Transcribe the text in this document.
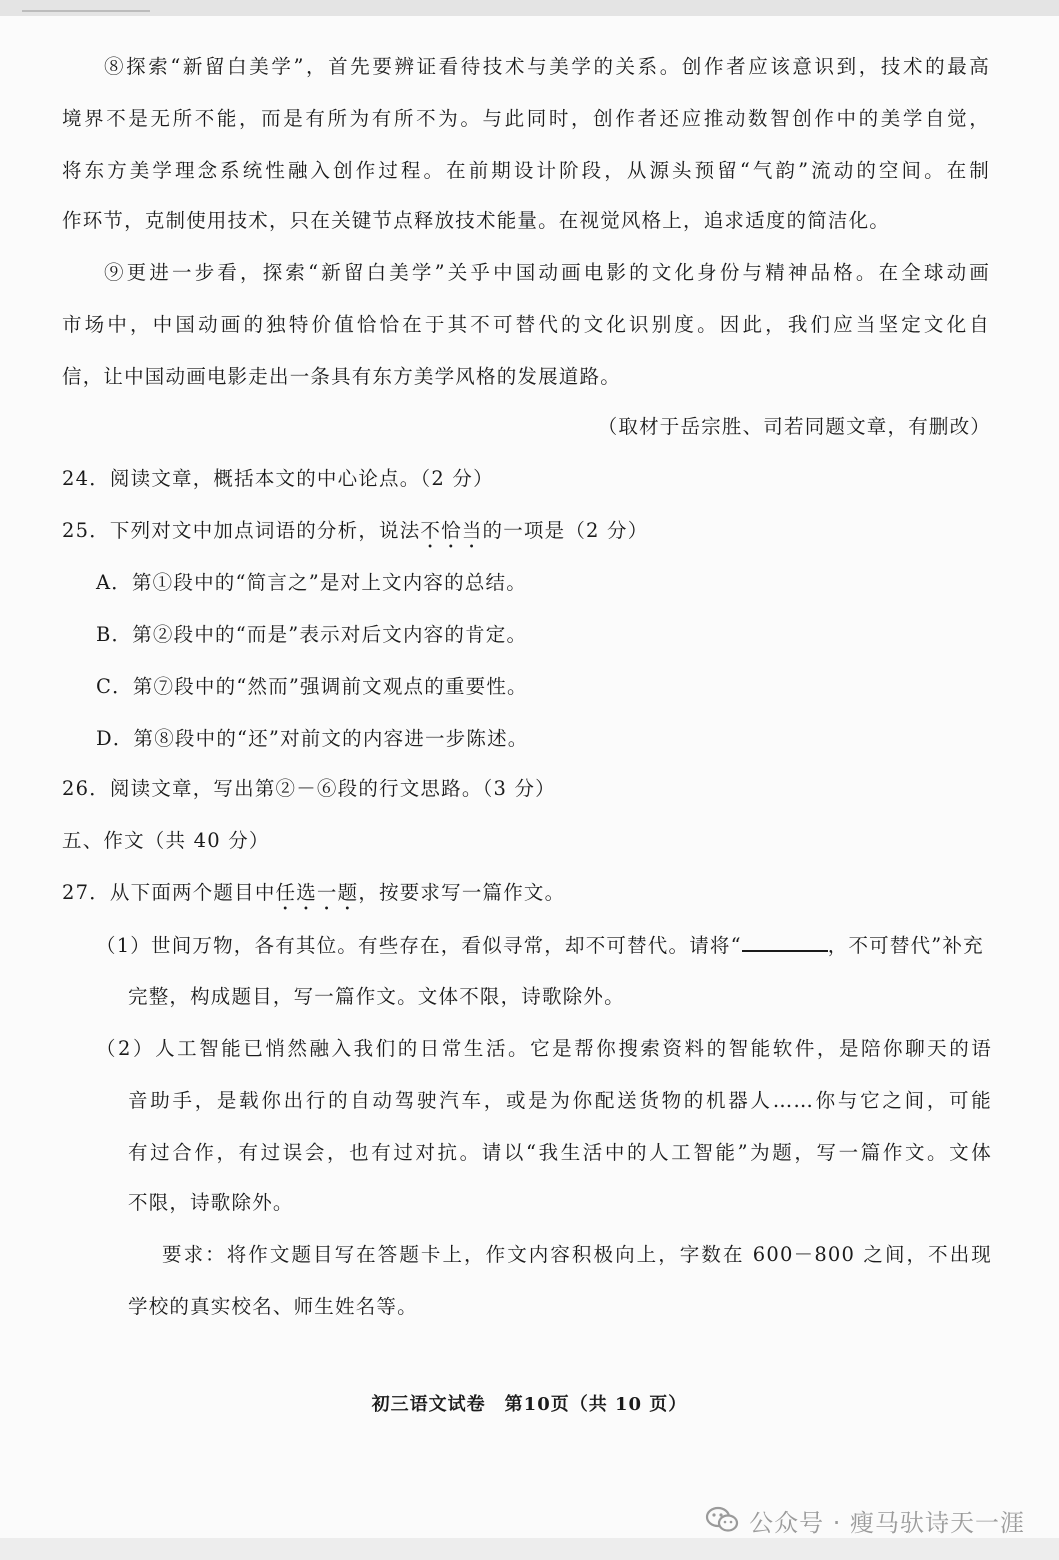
⑧探索“新留白美学”，首先要辨证看待技术与美学的关系。创作者应该意识到，技术的最高
境界不是无所不能，而是有所为有所不为。与此同时，创作者还应推动数智创作中的美学自觉，
将东方美学理念系统性融入创作过程。在前期设计阶段，从源头预留“气韵”流动的空间。在制
作环节，克制使用技术，只在关键节点释放技术能量。在视觉风格上，追求适度的简洁化。
⑨更进一步看，探索“新留白美学”关乎中国动画电影的文化身份与精神品格。在全球动画
市场中，中国动画的独特价值恰恰在于其不可替代的文化识别度。因此，我们应当坚定文化自
信，让中国动画电影走出一条具有东方美学风格的发展道路。
（取材于岳宗胜、司若同题文章，有删改）
24．阅读文章，概括本文的中心论点。（2 分）
25．下列对文中加点词语的分析，说法不恰当的一项是（2 分）
A．第①段中的“简言之”是对上文内容的总结。
B．第②段中的“而是”表示对后文内容的肯定。
C．第⑦段中的“然而”强调前文观点的重要性。
D．第⑧段中的“还”对前文的内容进一步陈述。
26．阅读文章，写出第②－⑥段的行文思路。（3 分）
五、作文（共 40 分）
27．从下面两个题目中任选一题，按要求写一篇作文。
（1）世间万物，各有其位。有些存在，看似寻常，却不可替代。请将“	，不可替代”补充
完整，构成题目，写一篇作文。文体不限，诗歌除外。
（2）人工智能已悄然融入我们的日常生活。它是帮你搜索资料的智能软件，是陪你聊天的语
音助手，是载你出行的自动驾驶汽车，或是为你配送货物的机器人……你与它之间，可能
有过合作，有过误会，也有过对抗。请以“我生活中的人工智能”为题，写一篇作文。文体
不限，诗歌除外。
要求：将作文题目写在答题卡上，作文内容积极向上，字数在 600－800 之间，不出现
学校的真实校名、师生姓名等。
初三语文试卷　第10页（共 10 页）
公众号 · 瘦马驮诗天一涯
